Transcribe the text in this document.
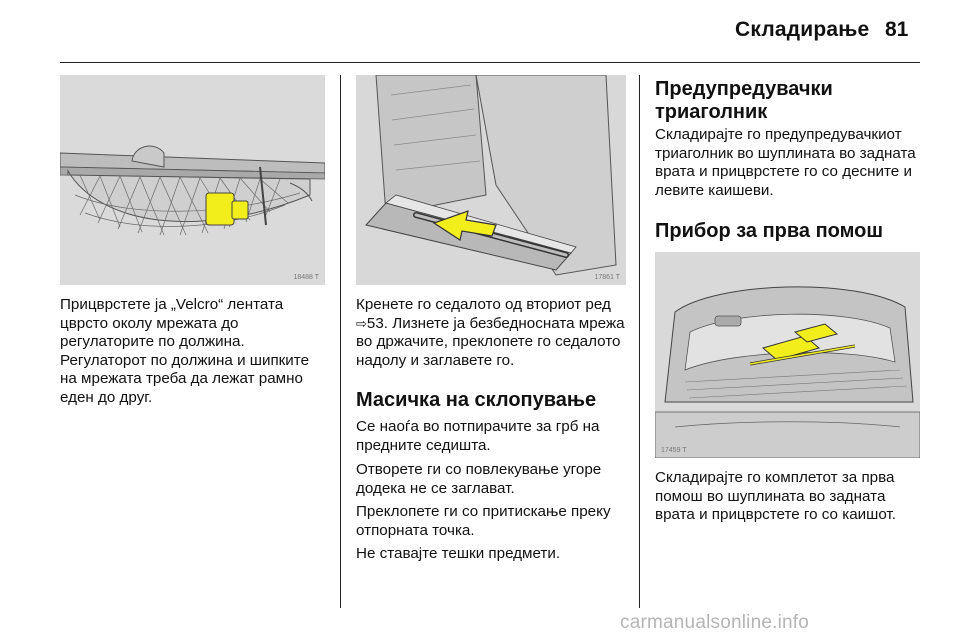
Складирање 81
18488 T

Прицврстете ја „Velcro“ лентата цврсто околу мрежата до регулаторите по должина. Регулаторот по должина и шипките на мрежата треба да лежат рамно еден до друг.

17861 T

Кренете го седалото од вториот ред ⇨53. Лизнете ја безбедносната мрежа во држачите, преклопете го седалото надолу и заглавете го.

Масичка на склопување

Се наоѓа во потпирачите за грб на предните седишта.

Отворете ги со повлекување угоре додека не се заглават.

Преклопете ги со притискање преку отпорната точка.

Не ставајте тешки предмети.

Предупредувачки триаголник

Складирајте го предупредувачкиот триаголник во шуплината во задната врата и прицврстете го со десните и левите каишеви.

Прибор за прва помош
17459 T

Складирајте го комплетот за прва помош во шуплината во задната врата и прицврстете го со каишот.

carmanualsonline.info
